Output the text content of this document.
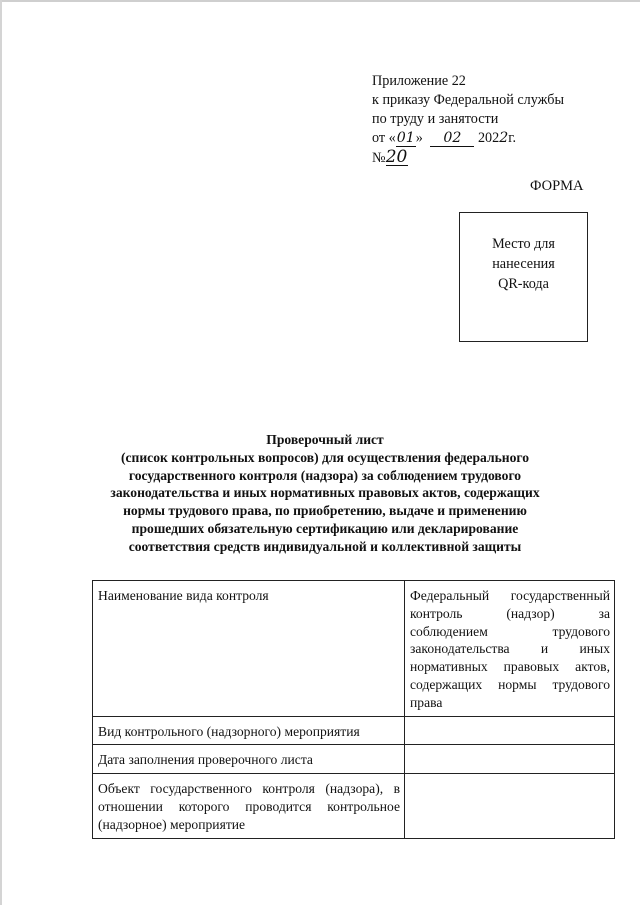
Приложение 22
к приказу Федеральной службы
по труду и занятости
от «01» 02 2022г.
№20
ФОРМА
Место для
нанесения
QR-кода
Проверочный лист
(список контрольных вопросов) для осуществления федерального
государственного контроля (надзора) за соблюдением трудового
законодательства и иных нормативных правовых актов, содержащих
нормы трудового права, по приобретению, выдаче и применению
прошедших обязательную сертификацию или декларирование
соответствия средств индивидуальной и коллективной защиты
Наименование вида контроля	Федеральный государственный контроль (надзор) за соблюдением трудового законодательства и иных нормативных правовых актов, содержащих нормы трудового права
Вид контрольного (надзорного) мероприятия	
Дата заполнения проверочного листа	
Объект государственного контроля (надзора), в отношении которого проводится контрольное (надзорное) мероприятие	
